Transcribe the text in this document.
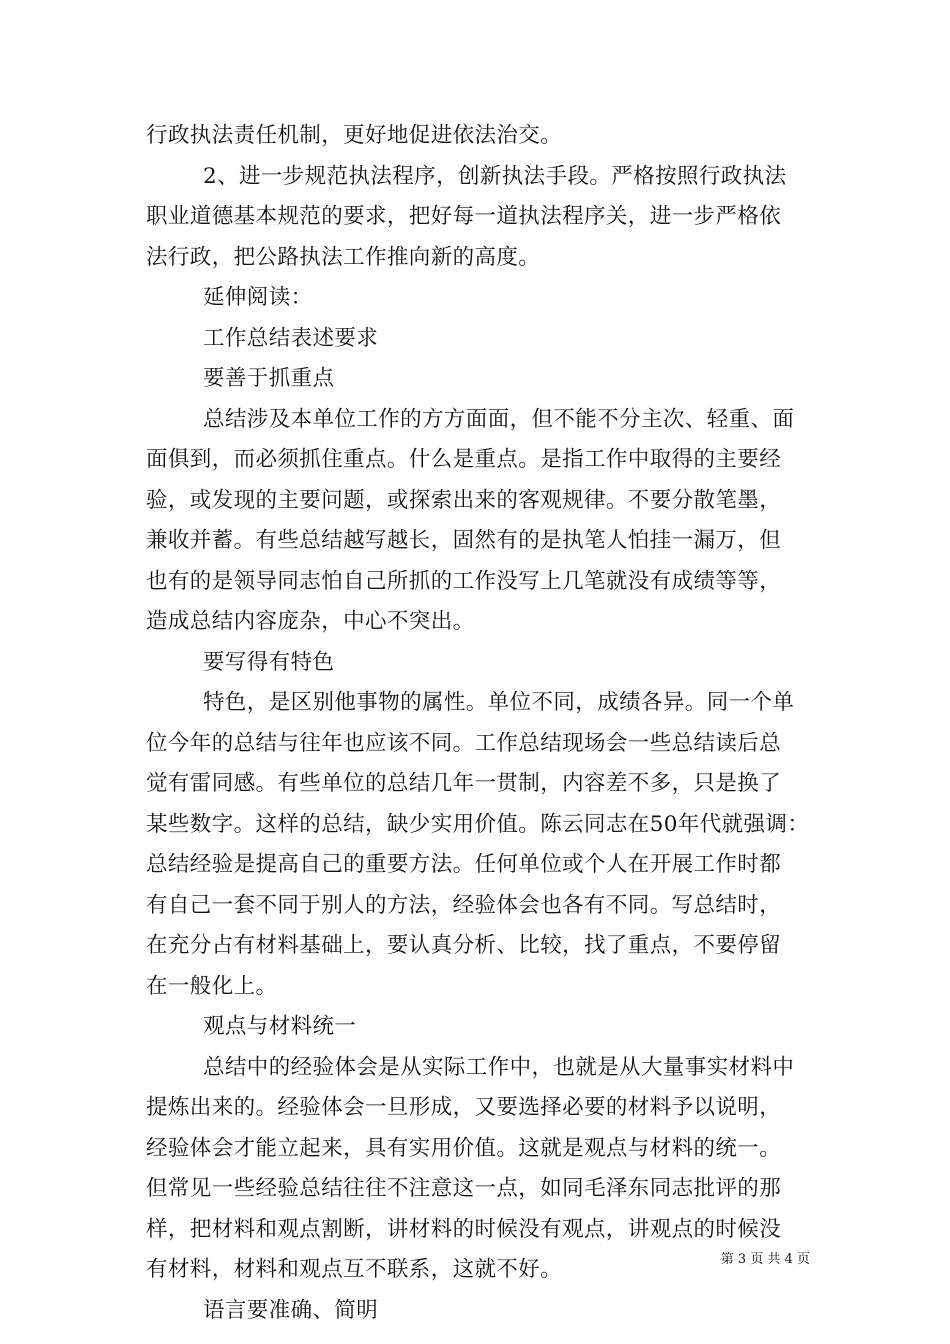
行政执法责任机制，更好地促进依法治交。
2、进一步规范执法程序，创新执法手段。严格按照行政执法
职业道德基本规范的要求，把好每一道执法程序关，进一步严格依
法行政，把公路执法工作推向新的高度。
延伸阅读：
工作总结表述要求
要善于抓重点
总结涉及本单位工作的方方面面，但不能不分主次、轻重、面
面俱到，而必须抓住重点。什么是重点。是指工作中取得的主要经
验，或发现的主要问题，或探索出来的客观规律。不要分散笔墨，
兼收并蓄。有些总结越写越长，固然有的是执笔人怕挂一漏万，但
也有的是领导同志怕自己所抓的工作没写上几笔就没有成绩等等，
造成总结内容庞杂，中心不突出。
要写得有特色
特色，是区别他事物的属性。单位不同，成绩各异。同一个单
位今年的总结与往年也应该不同。工作总结现场会一些总结读后总
觉有雷同感。有些单位的总结几年一贯制，内容差不多，只是换了
某些数字。这样的总结，缺少实用价值。陈云同志在50年代就强调：
总结经验是提高自己的重要方法。任何单位或个人在开展工作时都
有自己一套不同于别人的方法，经验体会也各有不同。写总结时，
在充分占有材料基础上，要认真分析、比较，找了重点，不要停留
在一般化上。
观点与材料统一
总结中的经验体会是从实际工作中，也就是从大量事实材料中
提炼出来的。经验体会一旦形成，又要选择必要的材料予以说明，
经验体会才能立起来，具有实用价值。这就是观点与材料的统一。
但常见一些经验总结往往不注意这一点，如同毛泽东同志批评的那
样，把材料和观点割断，讲材料的时候没有观点，讲观点的时候没
有材料，材料和观点互不联系，这就不好。
语言要准确、简明
第 3 页 共 4 页
